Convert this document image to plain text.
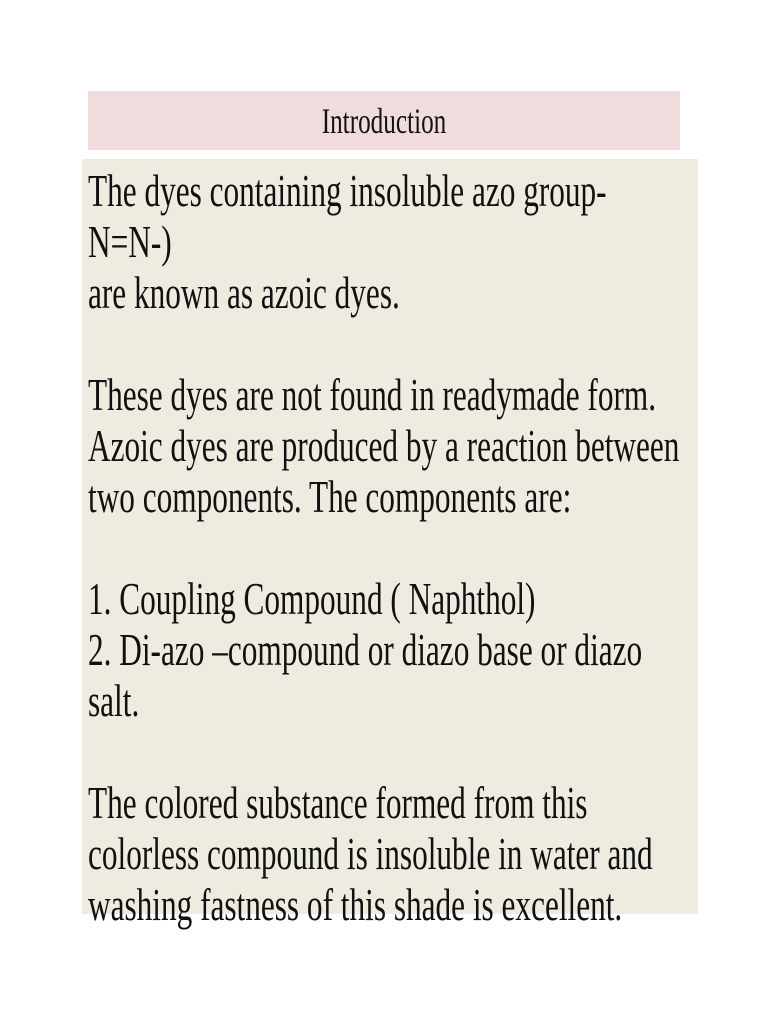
Introduction

The dyes containing insoluble azo group-N=N-)
are known as azoic dyes.

These dyes are not found in readymade form.
Azoic dyes are produced by a reaction between
two components. The components are:

1. Coupling Compound ( Naphthol)
2. Di-azo –compound or diazo base or diazo
salt.

The colored substance formed from this
colorless compound is insoluble in water and
washing fastness of this shade is excellent.
